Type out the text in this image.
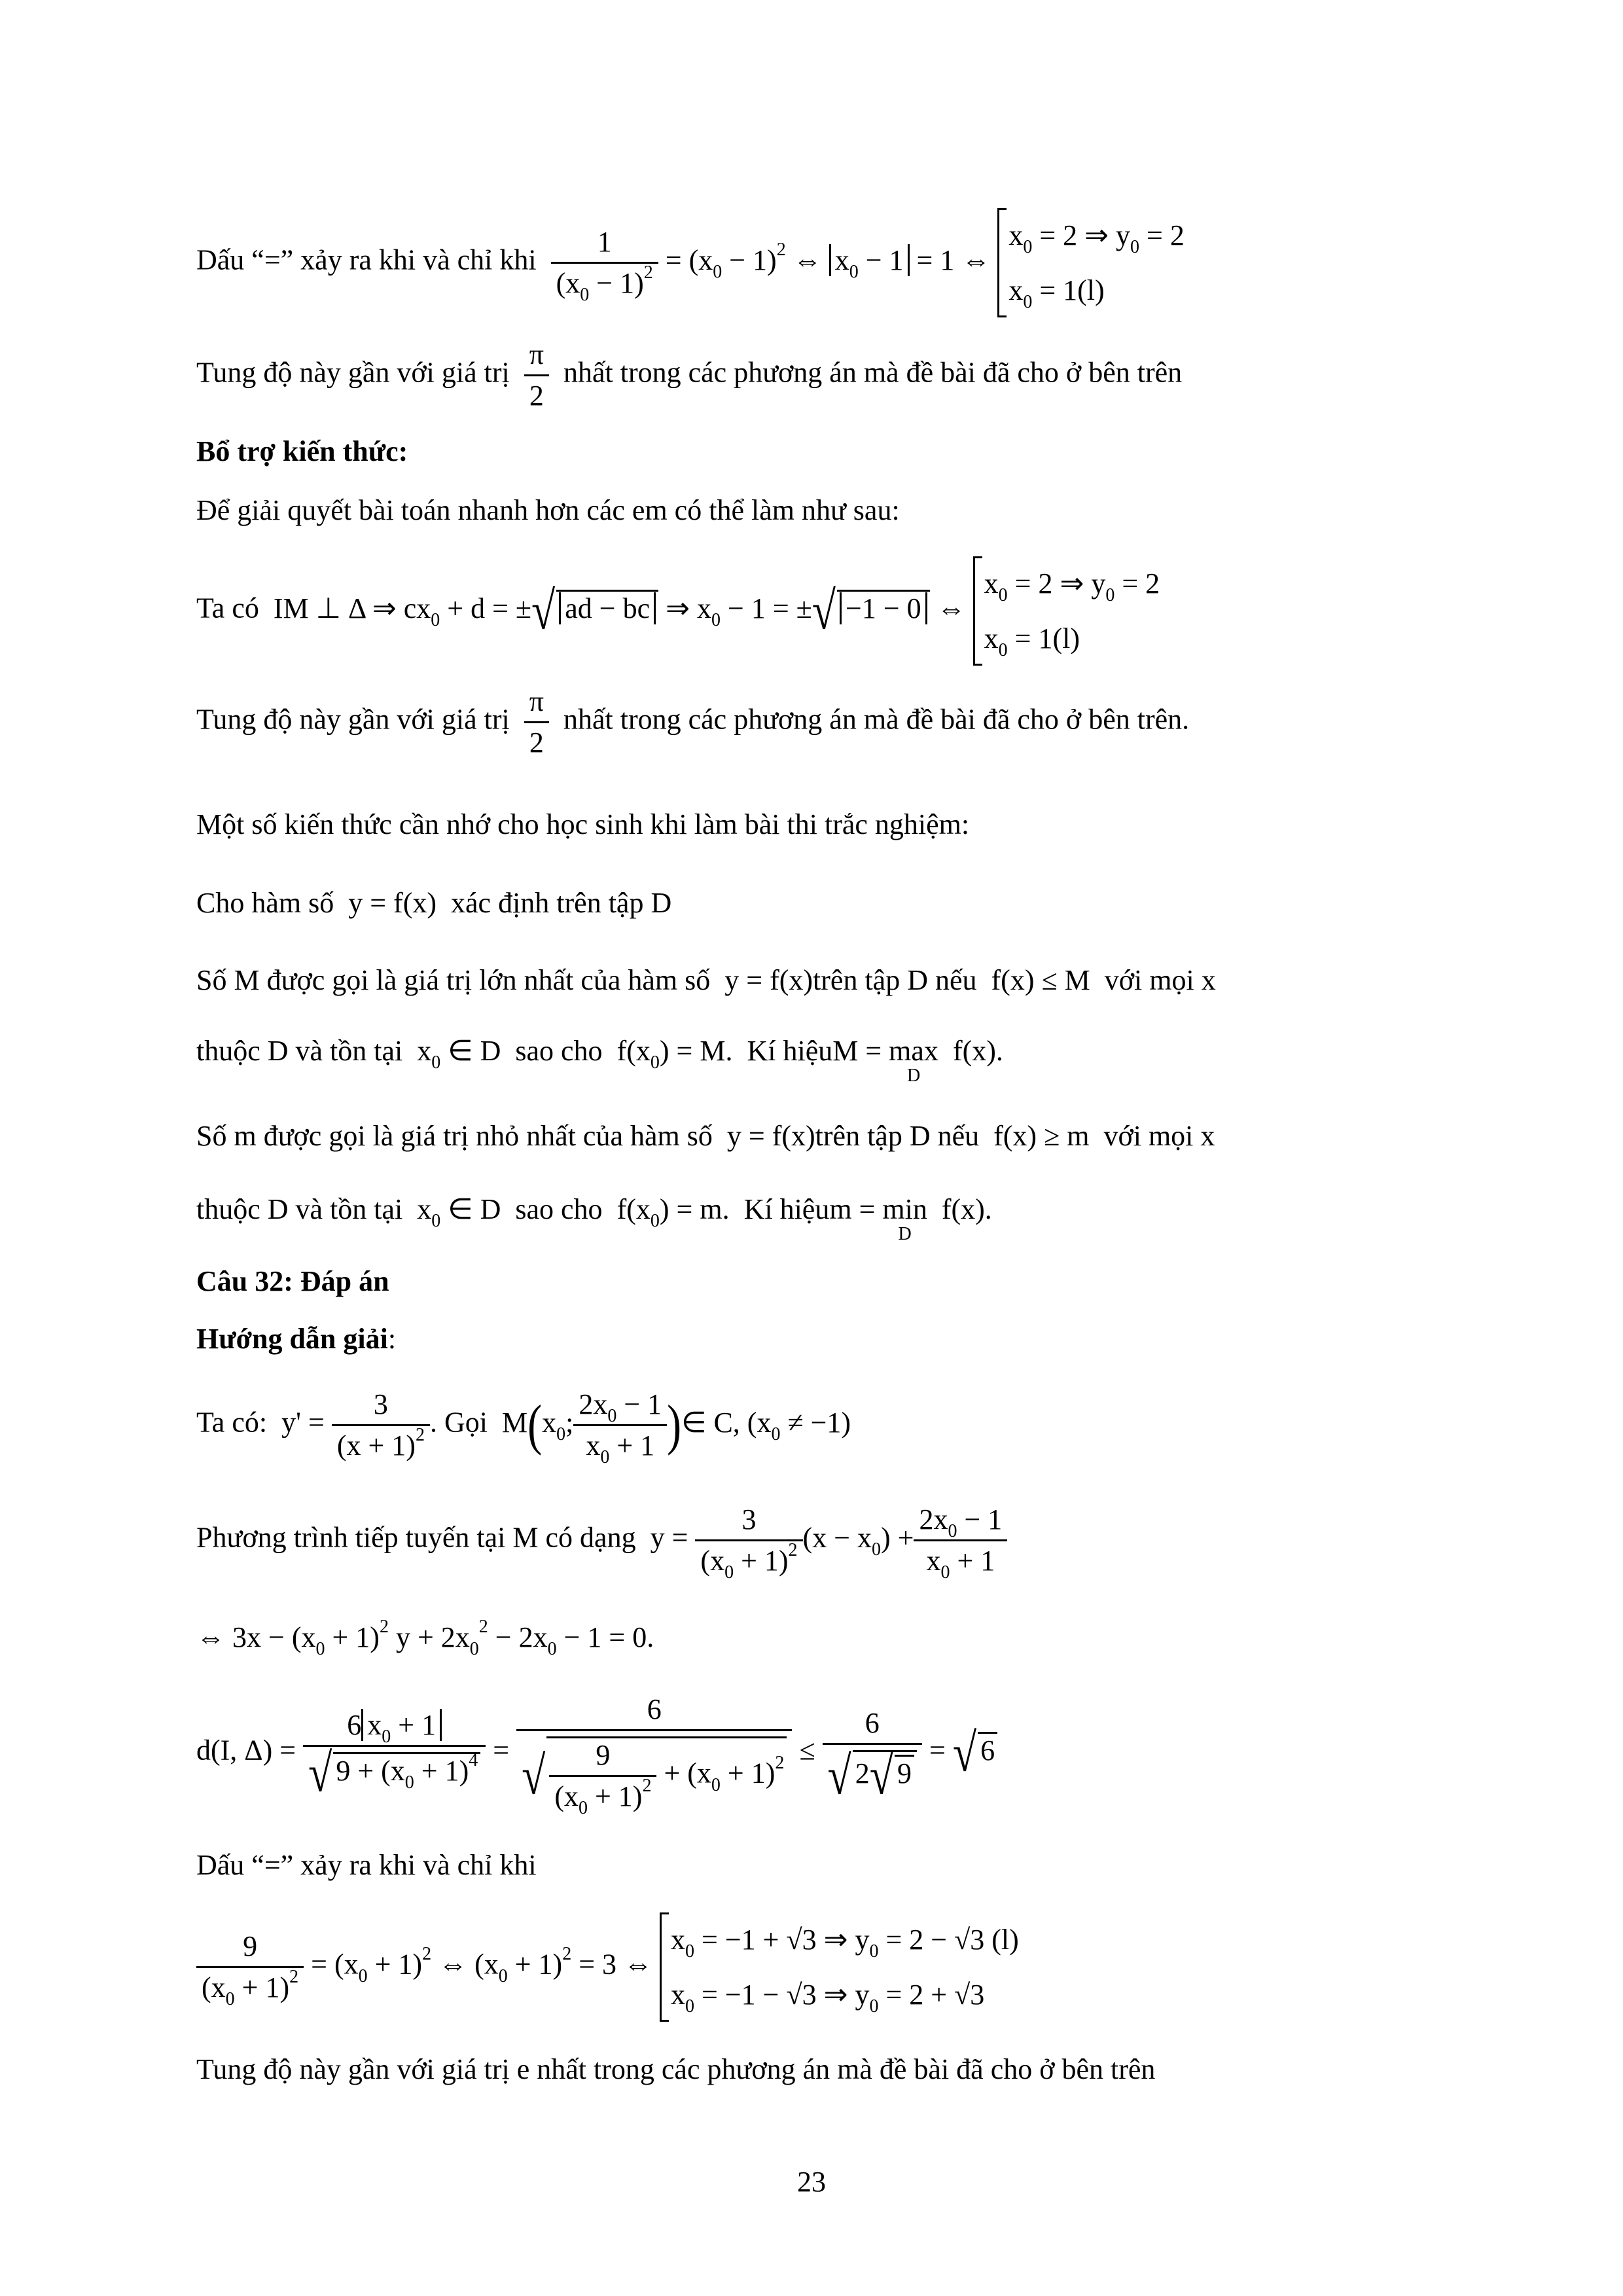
Dấu “=” xảy ra khi và chỉ khi $\frac{1}{(x_0 - 1)^2} = (x_0 - 1)^2$ ⇔ $x_0 - 1 = 1$ ⇔
$x_0 = 2$ ⇒ $y_0 = 2$
$x_0 = 1(l)$
Tung độ này gần với giá trị $\frac{\pi}{2}$ nhất trong các phương án mà đề bài đã cho ở bên trên
Bổ trợ kiến thức:
Để giải quyết bài toán nhanh hơn các em có thể làm như sau:
Ta có IM ⊥ Δ ⇒ $cx_0 + d$ = ±√ ad − bc ⇒ $x_0 - 1$ = ±√ −1 − 0 ⇔
$x_0 = 2$ ⇒ $y_0 = 2$
$x_0 = 1(l)$
Tung độ này gần với giá trị $\frac{\pi}{2}$ nhất trong các phương án mà đề bài đã cho ở bên trên.
Một số kiến thức cần nhớ cho học sinh khi làm bài thi trắc nghiệm:
Cho hàm số y = f(x) xác định trên tập D
Số M được gọi là giá trị lớn nhất của hàm số y = f(x)trên tập D nếu f(x) ≤ M với mọi x
thuộc D và tồn tại $x_0$ ∈ D sao cho $f(x_0) = M$. Kí hiệuM = max
D
f(x).
Số m được gọi là giá trị nhỏ nhất của hàm số y = f(x)trên tập D nếu f(x) ≥ m với mọi x
thuộc D và tồn tại $x_0$ ∈ D sao cho $f(x_0) = m$. Kí hiệum = min
D
f(x).
Câu 32: Đáp án
Hướng dẫn giải:
Ta có: $y' = \frac{3}{(x + 1)^2}$ . Gọi $M(x_0$; $\frac{2x_0 - 1}{x_0 + 1}$ )∈ C, $(x_0 \ne -1)$
Phương trình tiếp tuyến tại M có dạng $y = \frac{3}{(x_0 + 1)^2} (x - x_0) + \frac{2x_0 - 1}{x_0 + 1}$
⇔ $3x - (x_0 + 1)^2$ $y + 2x_0^2 - 2x_0 - 1 = 0$.
d(I, $\Delta) = \frac{6 x_0 + 1}{√ 9 + (x_0 + 1)^4} = \frac{6}{√ \frac{9}{(x_0 + 1)^2} + (x_0 + 1)^2} \le \frac{6}{√ 2√ 9}$ = √ 6
Dấu “=” xảy ra khi và chỉ khi
$\frac{9}{(x_0 + 1)^2} = (x_0 + 1)^2$ ⇔ $(x_0 + 1)^2 = 3$ ⇔
$x_0 = -1 + √3$ ⇒ $y_0 = 2 - √3$ (l)
$x_0 = -1 - √3$ ⇒ $y_0 = 2 + √3$
Tung độ này gần với giá trị e nhất trong các phương án mà đề bài đã cho ở bên trên
23
